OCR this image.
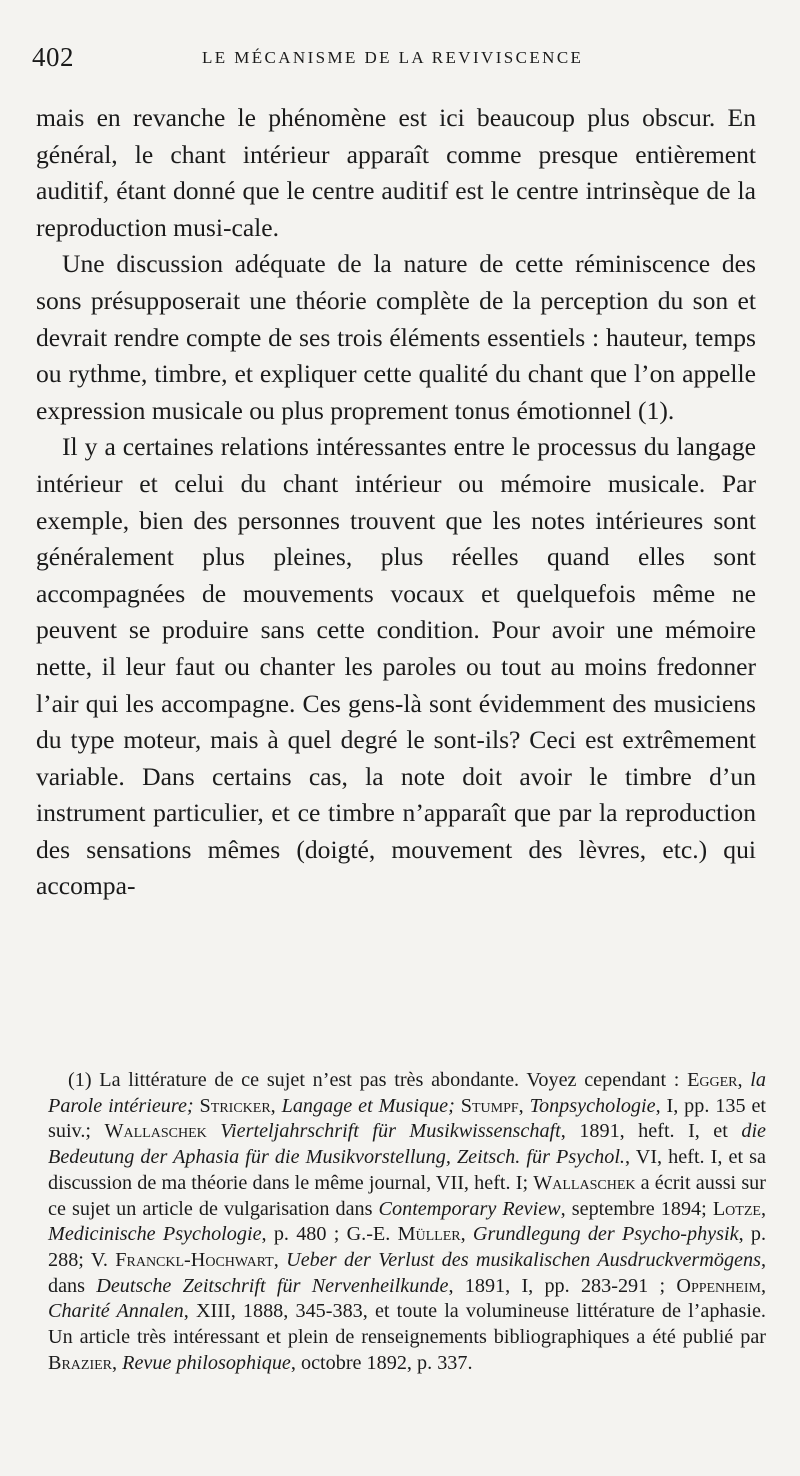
402	LE MÉCANISME DE LA REVIVISCENCE

mais en revanche le phénomène est ici beaucoup plus obscur. En général, le chant intérieur apparaît comme presque entièrement auditif, étant donné que le centre auditif est le centre intrinsèque de la reproduction musi-cale.

Une discussion adéquate de la nature de cette réminiscence des sons présupposerait une théorie complète de la perception du son et devrait rendre compte de ses trois éléments essentiels : hauteur, temps ou rythme, timbre, et expliquer cette qualité du chant que l’on appelle expression musicale ou plus proprement tonus émotionnel (1).

Il y a certaines relations intéressantes entre le processus du langage intérieur et celui du chant intérieur ou mémoire musicale. Par exemple, bien des personnes trouvent que les notes intérieures sont généralement plus pleines, plus réelles quand elles sont accompagnées de mouvements vocaux et quelquefois même ne peuvent se produire sans cette condition. Pour avoir une mémoire nette, il leur faut ou chanter les paroles ou tout au moins fredonner l’air qui les accompagne. Ces gens-là sont évidemment des musiciens du type moteur, mais à quel degré le sont-ils? Ceci est extrêmement variable. Dans certains cas, la note doit avoir le timbre d’un instrument particulier, et ce timbre n’apparaît que par la reproduction des sensations mêmes (doigté, mouvement des lèvres, etc.) qui accompa-

(1) La littérature de ce sujet n’est pas très abondante. Voyez cependant : Egger, la Parole intérieure; Stricker, Langage et Musique; Stumpf, Tonpsychologie, I, pp. 135 et suiv.; Wallaschek Vierteljahrschrift für Musikwissenschaft, 1891, heft. I, et die Bedeutung der Aphasia für die Musikvorstellung, Zeitsch. für Psychol., VI, heft. I, et sa discussion de ma théorie dans le même journal, VII, heft. I; Wallaschek a écrit aussi sur ce sujet un article de vulgarisation dans Contemporary Review, septembre 1894; Lotze, Medicinische Psychologie, p. 480 ; G.-E. Müller, Grundlegung der Psycho-physik, p. 288; V. Franckl-Hochwart, Ueber der Verlust des musikalischen Ausdruckvermögens, dans Deutsche Zeitschrift für Nervenheilkunde, 1891, I, pp. 283-291 ; Oppenheim, Charité Annalen, XIII, 1888, 345-383, et toute la volumineuse littérature de l’aphasie. Un article très intéressant et plein de renseignements bibliographiques a été publié par Brazier, Revue philosophique, octobre 1892, p. 337.
